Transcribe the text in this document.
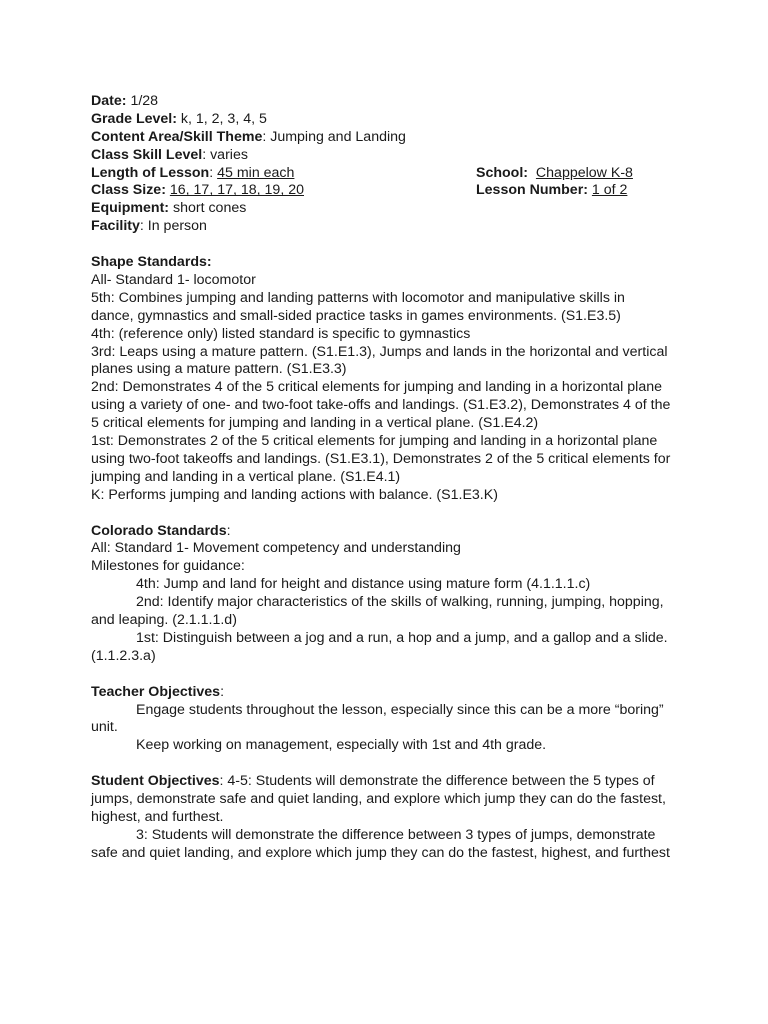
Date: 1/28
Grade Level: k, 1, 2, 3, 4, 5
Content Area/Skill Theme: Jumping and Landing
Class Skill Level: varies
Length of Lesson: 45 min each	School: Chappelow K-8
Class Size: 16, 17, 17, 18, 19, 20	Lesson Number: 1 of 2
Equipment: short cones
Facility: In person
Shape Standards:
All- Standard 1- locomotor
5th: Combines jumping and landing patterns with locomotor and manipulative skills in dance, gymnastics and small-sided practice tasks in games environments. (S1.E3.5)
4th: (reference only) listed standard is specific to gymnastics
3rd: Leaps using a mature pattern. (S1.E1.3), Jumps and lands in the horizontal and vertical planes using a mature pattern. (S1.E3.3)
2nd: Demonstrates 4 of the 5 critical elements for jumping and landing in a horizontal plane using a variety of one- and two-foot take-offs and landings. (S1.E3.2), Demonstrates 4 of the 5 critical elements for jumping and landing in a vertical plane. (S1.E4.2)
1st: Demonstrates 2 of the 5 critical elements for jumping and landing in a horizontal plane using two-foot takeoffs and landings. (S1.E3.1), Demonstrates 2 of the 5 critical elements for jumping and landing in a vertical plane. (S1.E4.1)
K: Performs jumping and landing actions with balance. (S1.E3.K)
Colorado Standards:
All: Standard 1- Movement competency and understanding
Milestones for guidance:
4th: Jump and land for height and distance using mature form (4.1.1.1.c)
2nd: Identify major characteristics of the skills of walking, running, jumping, hopping, and leaping. (2.1.1.1.d)
1st: Distinguish between a jog and a run, a hop and a jump, and a gallop and a slide. (1.1.2.3.a)
Teacher Objectives:
Engage students throughout the lesson, especially since this can be a more “boring” unit.
Keep working on management, especially with 1st and 4th grade.
Student Objectives: 4-5: Students will demonstrate the difference between the 5 types of jumps, demonstrate safe and quiet landing, and explore which jump they can do the fastest, highest, and furthest.
3: Students will demonstrate the difference between 3 types of jumps, demonstrate safe and quiet landing, and explore which jump they can do the fastest, highest, and furthest
